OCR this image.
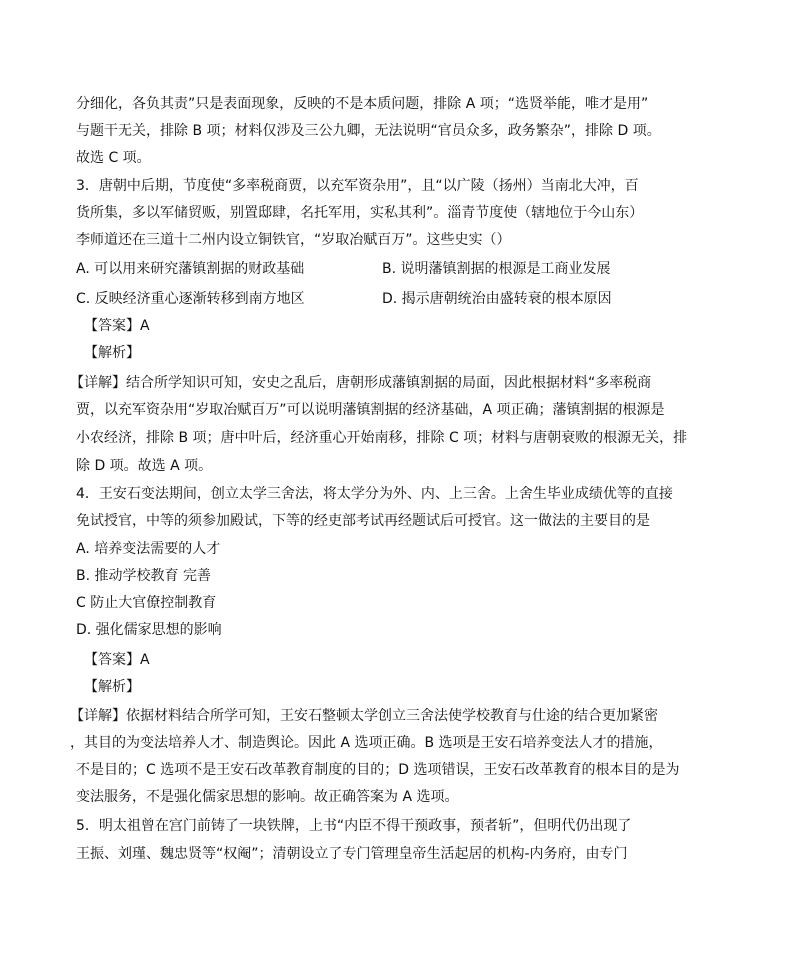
分细化，各负其责”只是表面现象，反映的不是本质问题，排除 A 项；“选贤举能，唯才是用”
与题干无关，排除 B 项；材料仅涉及三公九卿，无法说明“官员众多，政务繁杂”，排除 D 项。
故选 C 项。
3．唐朝中后期，节度使“多率税商贾，以充军资杂用”，且“以广陵（扬州）当南北大冲，百
货所集，多以军储贸贩，别置邸肆，名托军用，实私其利”。淄青节度使（辖地位于今山东）
李师道还在三道十二州内设立铜铁官，“岁取冶赋百万”。这些史实（）
A. 可以用来研究藩镇割据的财政基础	B. 说明藩镇割据的根源是工商业发展
C. 反映经济重心逐渐转移到南方地区	D. 揭示唐朝统治由盛转衰的根本原因
【答案】A
【解析】
【详解】结合所学知识可知，安史之乱后，唐朝形成藩镇割据的局面，因此根据材料“多率税商
贾，以充军资杂用“岁取冶赋百万”可以说明藩镇割据的经济基础，A 项正确；藩镇割据的根源是
小农经济，排除 B 项；唐中叶后，经济重心开始南移，排除 C 项；材料与唐朝衰败的根源无关，排
除 D 项。故选 A 项。
4．王安石变法期间，创立太学三舍法，将太学分为外、内、上三舍。上舍生毕业成绩优等的直接
免试授官，中等的须参加殿试，下等的经吏部考试再经题试后可授官。这一做法的主要目的是
A. 培养变法需要的人才
B. 推动学校教育 完善
C 防止大官僚控制教育
D. 强化儒家思想的影响
【答案】A
【解析】
【详解】依据材料结合所学可知，王安石整顿太学创立三舍法使学校教育与仕途的结合更加紧密
，其目的为变法培养人才、制造舆论。因此 A 选项正确。B 选项是王安石培养变法人才的措施，
不是目的；C 选项不是王安石改革教育制度的目的；D 选项错误，王安石改革教育的根本目的是为
变法服务，不是强化儒家思想的影响。故正确答案为 A 选项。
5．明太祖曾在宫门前铸了一块铁牌，上书“内臣不得干预政事，预者斩”，但明代仍出现了
王振、刘瑾、魏忠贤等“权阉”；清朝设立了专门管理皇帝生活起居的机构-内务府，由专门
